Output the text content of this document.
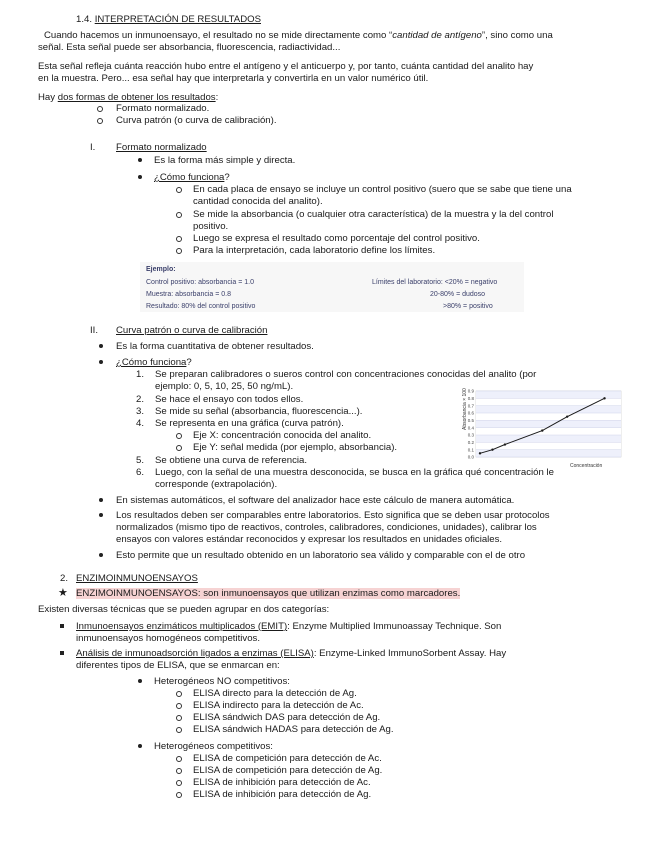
1.4. INTERPRETACIÓN DE RESULTADOS
Cuando hacemos un inmunoensayo, el resultado no se mide directamente como “cantidad de antígeno”, sino como una
señal. Esta señal puede ser absorbancia, fluorescencia, radiactividad...
Esta señal refleja cuánta reacción hubo entre el antígeno y el anticuerpo y, por tanto, cuánta cantidad del analito hay
en la muestra. Pero... esa señal hay que interpretarla y convertirla en un valor numérico útil.
Hay dos formas de obtener los resultados:
Formato normalizado.
Curva patrón (o curva de calibración).
I. Formato normalizado
Es la forma más simple y directa.
¿Cómo funciona?
En cada placa de ensayo se incluye un control positivo (suero que se sabe que tiene una
cantidad conocida del analito).
Se mide la absorbancia (o cualquier otra característica) de la muestra y la del control
positivo.
Luego se expresa el resultado como porcentaje del control positivo.
Para la interpretación, cada laboratorio define los límites.
Ejemplo:
Control positivo: absorbancia = 1.0
Muestra: absorbancia = 0.8
Resultado: 80% del control positivo
Límites del laboratorio: <20% = negativo
20-80% = dudoso
>80% = positivo
II. Curva patrón o curva de calibración
Es la forma cuantitativa de obtener resultados.
¿Cómo funciona?
1. Se preparan calibradores o sueros control con concentraciones conocidas del analito (por
ejemplo: 0, 5, 10, 25, 50 ng/mL).
2. Se hace el ensayo con todos ellos.
3. Se mide su señal (absorbancia, fluorescencia...).
4. Se representa en una gráfica (curva patrón).
Eje X: concentración conocida del analito.
Eje Y: señal medida (por ejemplo, absorbancia).
5. Se obtiene una curva de referencia.
6. Luego, con la señal de una muestra desconocida, se busca en la gráfica qué concentración le
corresponde (extrapolación).
0.9
0.8
0.7
0.6
0.5
0.4
0.3
0.2
0.1
0.0
Absorbancia × 100
Concentración
En sistemas automáticos, el software del analizador hace este cálculo de manera automática.
Los resultados deben ser comparables entre laboratorios. Esto significa que se deben usar protocolos
normalizados (mismo tipo de reactivos, controles, calibradores, condiciones, unidades), calibrar los
ensayos con valores estándar reconocidos y expresar los resultados en unidades oficiales.
Esto permite que un resultado obtenido en un laboratorio sea válido y comparable con el de otro
2. ENZIMOINMUNOENSAYOS
★ ENZIMOINMUNOENSAYOS: son inmunoensayos que utilizan enzimas como marcadores.
Existen diversas técnicas que se pueden agrupar en dos categorías:
Inmunoensayos enzimáticos multiplicados (EMIT): Enzyme Multiplied Immunoassay Technique. Son
inmunoensayos homogéneos competitivos.
Análisis de inmunoadsorción ligados a enzimas (ELISA): Enzyme-Linked ImmunoSorbent Assay. Hay
diferentes tipos de ELISA, que se enmarcan en:
Heterogéneos NO competitivos:
ELISA directo para la detección de Ag.
ELISA indirecto para la detección de Ac.
ELISA sándwich DAS para detección de Ag.
ELISA sándwich HADAS para detección de Ag.
Heterogéneos competitivos:
ELISA de competición para detección de Ac.
ELISA de competición para detección de Ag.
ELISA de inhibición para detección de Ac.
ELISA de inhibición para detección de Ag.
